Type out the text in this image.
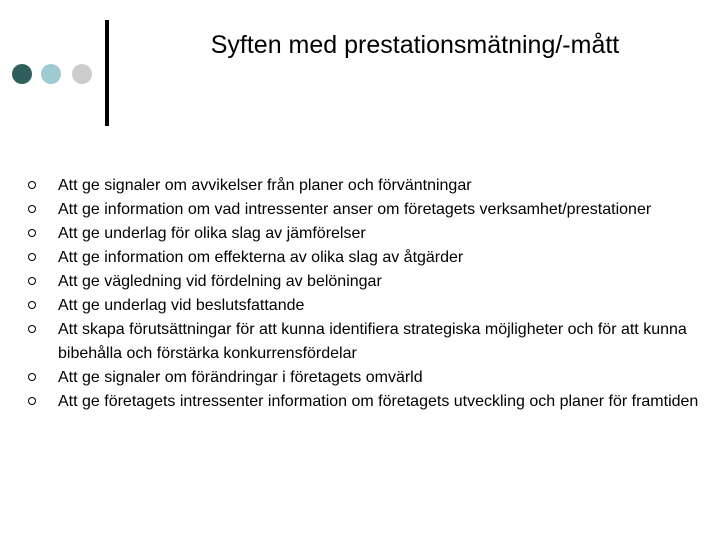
Syften med prestationsmätning/-mått
Att ge signaler om avvikelser från planer och förväntningar
Att ge information om vad intressenter anser om företagets verksamhet/prestationer
Att ge underlag för olika slag av jämförelser
Att ge information om effekterna av olika slag av åtgärder
Att ge vägledning vid fördelning av belöningar
Att ge underlag vid beslutsfattande
Att skapa förutsättningar för att kunna identifiera strategiska möjligheter och för att kunna bibehålla och förstärka konkurrensfördelar
Att ge signaler om förändringar i företagets omvärld
Att ge företagets intressenter information om företagets utveckling och planer för framtiden
